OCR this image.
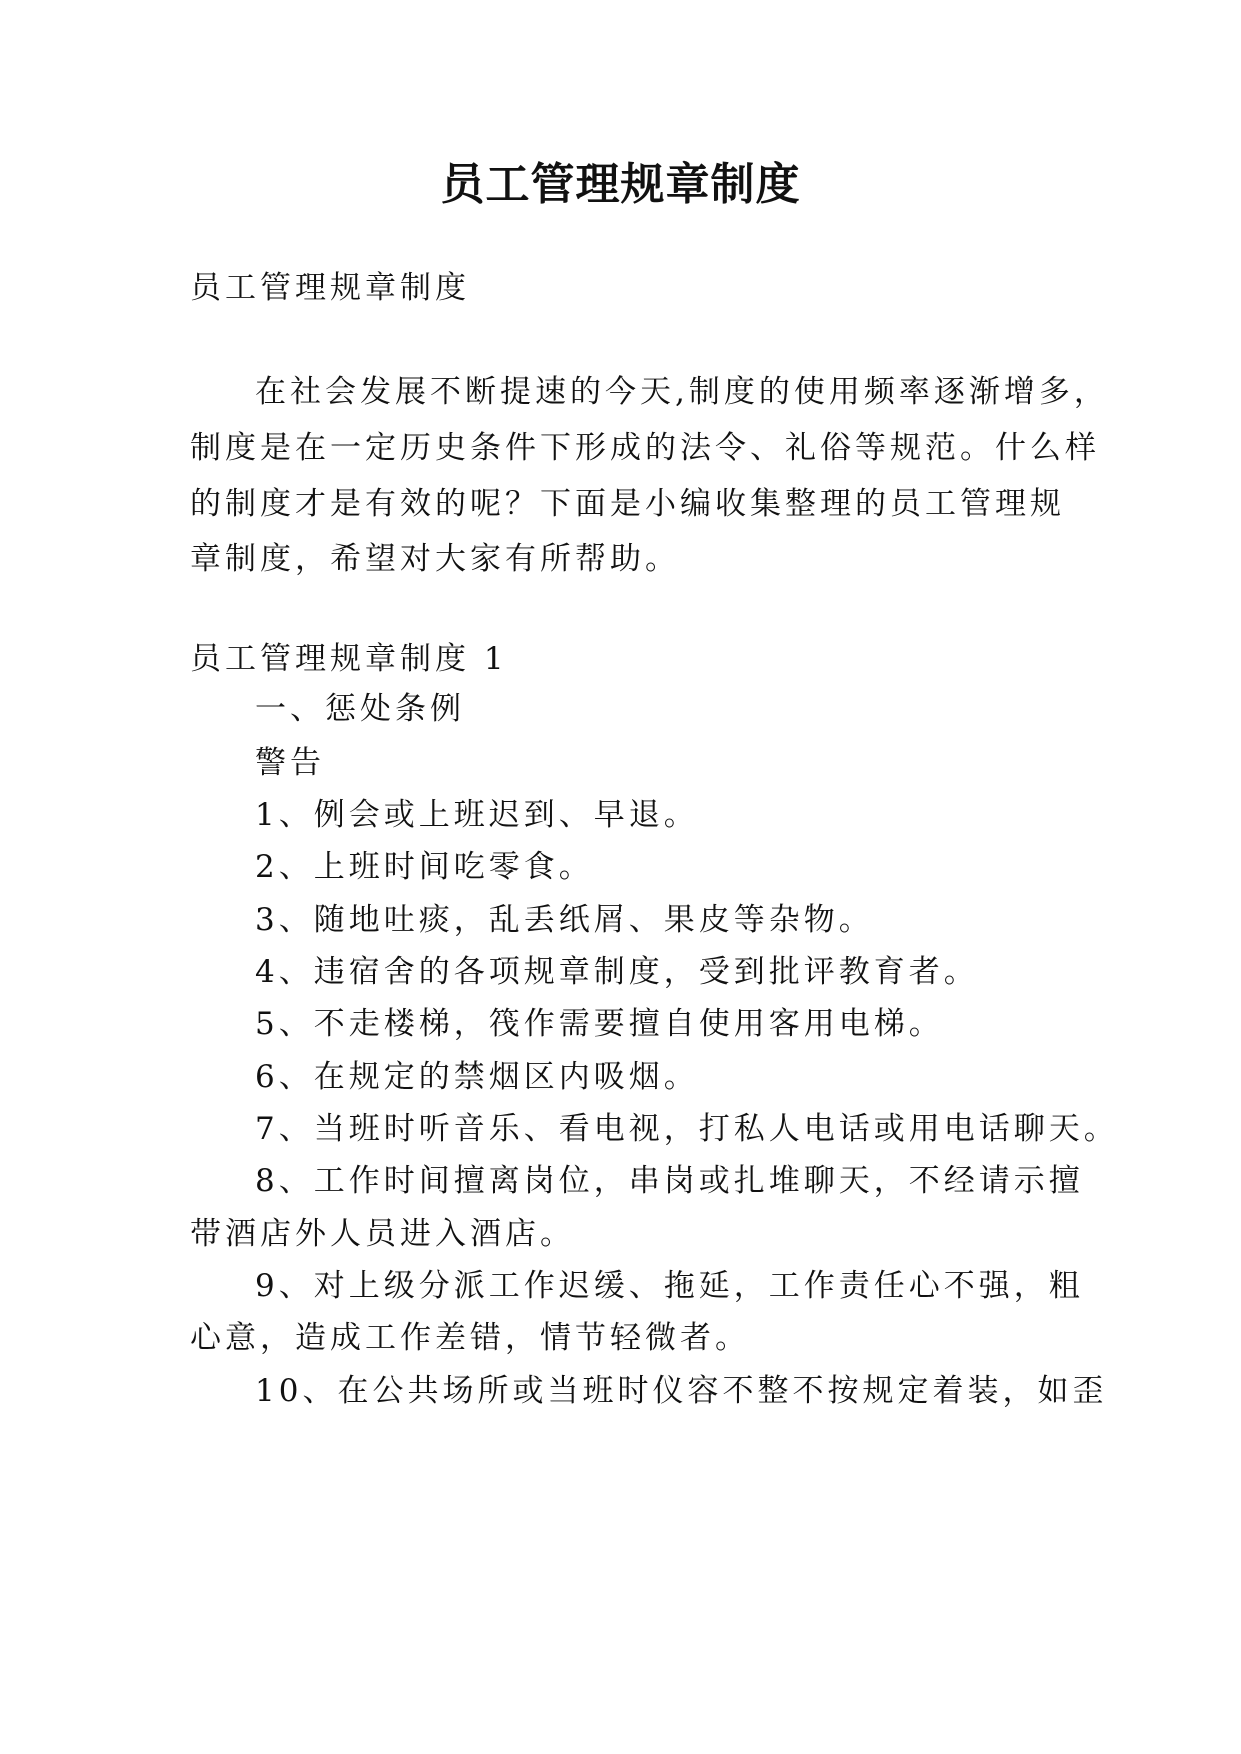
员工管理规章制度
员工管理规章制度
在社会发展不断提速的今天,制度的使用频率逐渐增多，
制度是在一定历史条件下形成的法令、礼俗等规范。什么样
的制度才是有效的呢？下面是小编收集整理的员工管理规
章制度，希望对大家有所帮助。
员工管理规章制度 1
一、惩处条例
警告
1、例会或上班迟到、早退。
2、上班时间吃零食。
3、随地吐痰，乱丢纸屑、果皮等杂物。
4、违宿舍的各项规章制度，受到批评教育者。
5、不走楼梯，筏作需要擅自使用客用电梯。
6、在规定的禁烟区内吸烟。
7、当班时听音乐、看电视，打私人电话或用电话聊天。
8、工作时间擅离岗位，串岗或扎堆聊天，不经请示擅
带酒店外人员进入酒店。
9、对上级分派工作迟缓、拖延，工作责任心不强，粗
心意，造成工作差错，情节轻微者。
10、在公共场所或当班时仪容不整不按规定着装，如歪
